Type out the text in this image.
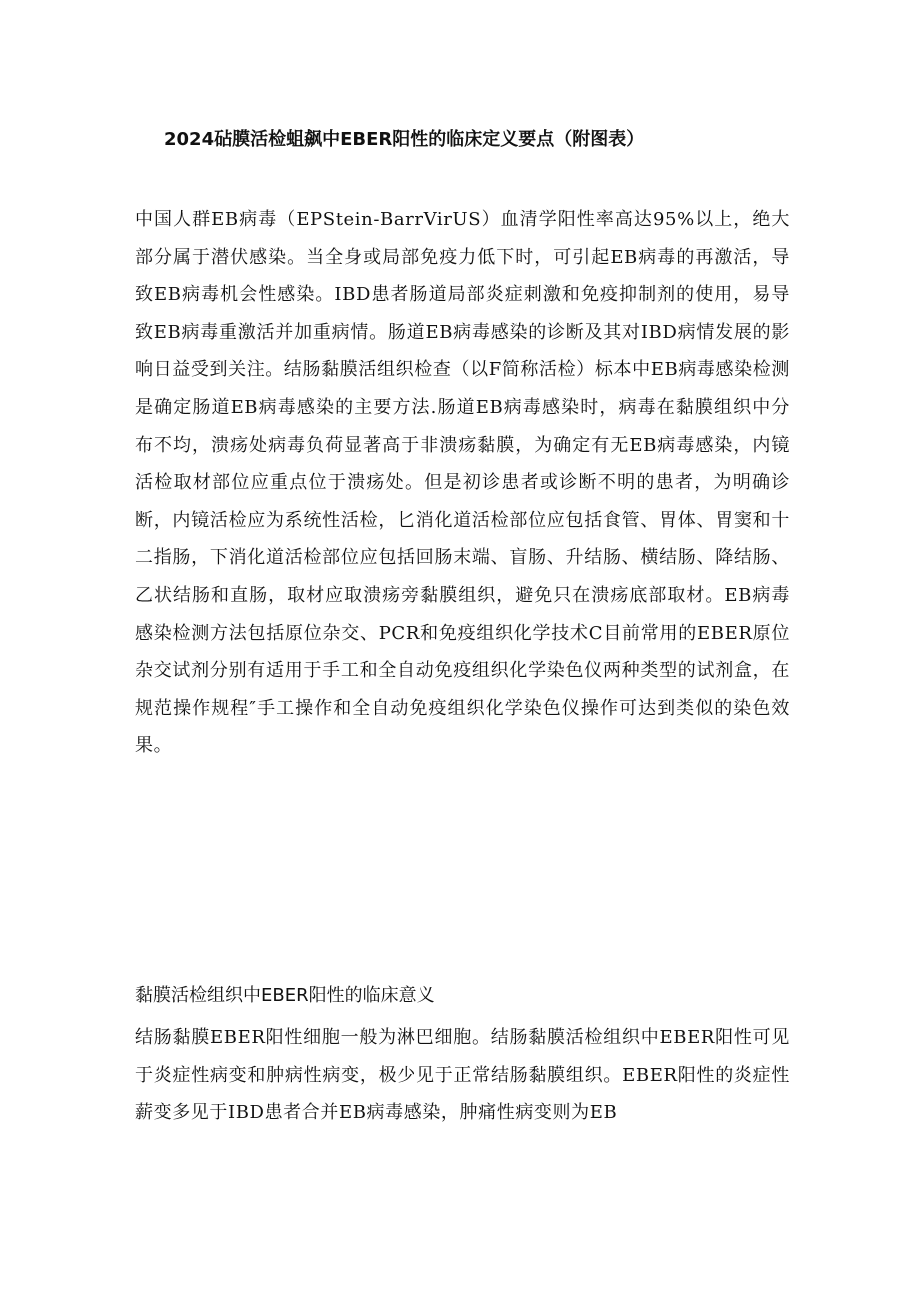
2024砧膜活检蛆飙中EBER阳性的临床定义要点（附图表）

中国人群EB病毒（EPStein-BarrVirUS）血清学阳性率高达95%以上，绝大部分属于潜伏感染。当全身或局部免疫力低下时，可引起EB病毒的再激活，导致EB病毒机会性感染。IBD患者肠道局部炎症刺激和免疫抑制剂的使用，易导致EB病毒重激活并加重病情。肠道EB病毒感染的诊断及其对IBD病情发展的影响日益受到关注。结肠黏膜活组织检查（以F简称活检）标本中EB病毒感染检测是确定肠道EB病毒感染的主要方法.肠道EB病毒感染时，病毒在黏膜组织中分布不均，溃疡处病毒负荷显著高于非溃疡黏膜，为确定有无EB病毒感染，内镜活检取材部位应重点位于溃疡处。但是初诊患者或诊断不明的患者，为明确诊断，内镜活检应为系统性活检，匕消化道活检部位应包括食管、胃体、胃窦和十二指肠，下消化道活检部位应包括回肠末端、盲肠、升结肠、横结肠、降结肠、乙状结肠和直肠，取材应取溃疡旁黏膜组织，避免只在溃疡底部取材。EB病毒感染检测方法包括原位杂交、PCR和免疫组织化学技术C目前常用的EBER原位杂交试剂分别有适用于手工和全自动免疫组织化学染色仪两种类型的试剂盒，在规范操作规程″手工操作和全自动免疫组织化学染色仪操作可达到类似的染色效果。

黏膜活检组织中EBER阳性的临床意义

结肠黏膜EBER阳性细胞一般为淋巴细胞。结肠黏膜活检组织中EBER阳性可见于炎症性病变和肿病性病变，极少见于正常结肠黏膜组织。EBER阳性的炎症性薪变多见于IBD患者合并EB病毒感染，肿痛性病变则为EB
